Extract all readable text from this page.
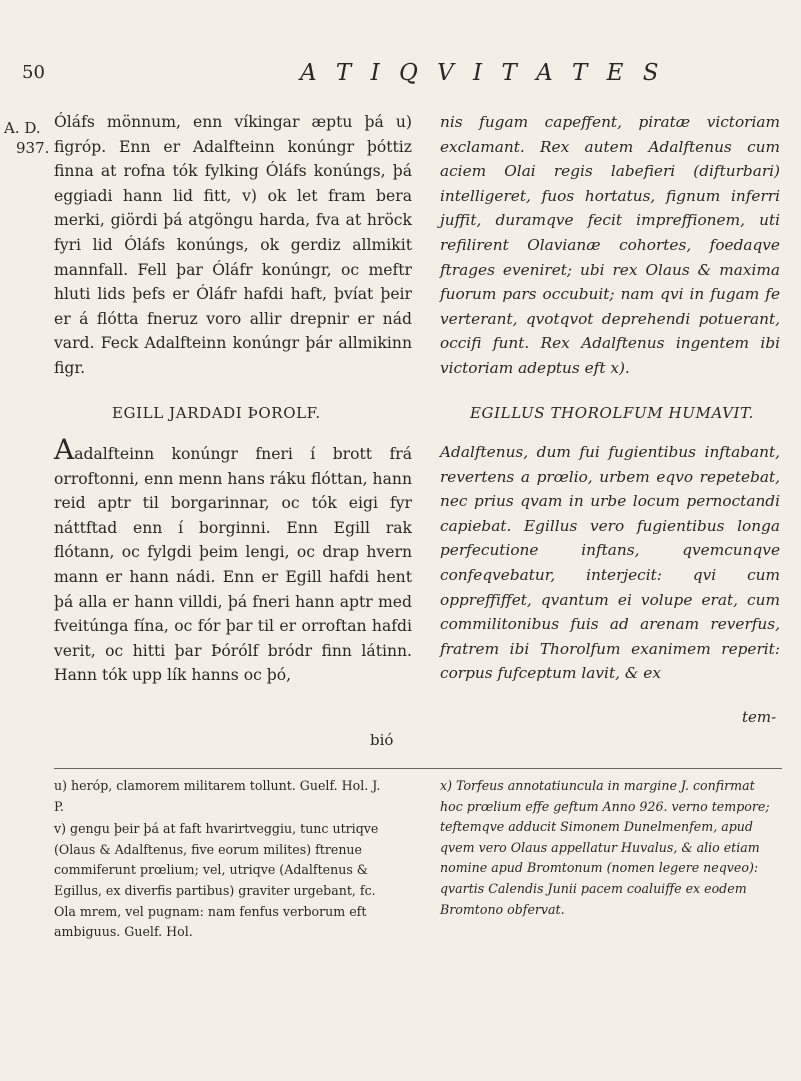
50	A T I Q V I T A T E S
A. D.
937.

Óláfs mönnum, enn víkingar æptu þá u) figróp. Enn er Adalfteinn konúngr þóttiz finna at rofna tók fylking Óláfs konúngs, þá eggiadi hann lid fitt, v) ok let fram bera merki, giördi þá atgöngu harda, fva at hröck fyri lid Óláfs konúngs, ok gerdiz allmikit mannfall. Fell þar Óláfr konúngr, oc meftr hluti lids þefs er Óláfr hafdi haft, þvíat þeir er á flótta fneruz voro allir drepnir er nád vard. Feck Adalfteinn konúngr þár allmikinn figr.

nis fugam capeffent, piratæ victoriam exclamant. Rex autem Adalftenus cum aciem Olai regis labefieri (difturbari) intelligeret, fuos hortatus, fignum inferri juffit, duramqve fecit impreffionem, uti refilirent Olavianæ cohortes, foedaqve ftrages eveniret; ubi rex Olaus & maxima fuorum pars occubuit; nam qvi in fugam fe verterant, qvotqvot deprehendi potuerant, occifi funt. Rex Adalftenus ingentem ibi victoriam adeptus eft x).

EGILL JARDADI ÞOROLF.	EGILLUS THOROLFUM HUMAVIT.

Aadalfteinn konúngr fneri í brott frá orroftonni, enn menn hans ráku flóttan, hann reid aptr til borgarinnar, oc tók eigi fyr náttftad enn í borginni. Enn Egill rak flótann, oc fylgdi þeim lengi, oc drap hvern mann er hann nádi. Enn er Egill hafdi hent þá alla er hann villdi, þá fneri hann aptr med fveitúnga fína, oc fór þar til er orroftan hafdi verit, oc hitti þar Þórólf bródr finn látinn. Hann tók upp lík hanns oc þó,

bió

Adalftenus, dum fui fugientibus inftabant, revertens a prœlio, urbem eqvo repetebat, nec prius qvam in urbe locum pernoctandi capiebat. Egillus vero fugientibus longa perfecutione inftans, qvemcunqve confeqvebatur, interjecit: qvi cum oppreffiffet, qvantum ei volupe erat, cum commilitonibus fuis ad arenam reverfus, fratrem ibi Thorolfum exanimem reperit: corpus fufceptum lavit, & ex

tem-
u) heróp, clamorem militarem tollunt. Guelf. Hol. J. P.
v) gengu þeir þá at faft hvarirtveggiu, tunc utriqve (Olaus & Adalftenus, five eorum milites) ftrenue commiferunt prœlium; vel, utriqve (Adalftenus & Egillus, ex diverfis partibus) graviter urgebant, fc. Ola mrem, vel pugnam: nam fenfus verborum eft ambiguus. Guelf. Hol.
x) Torfeus annotatiuncula in margine J. confirmat hoc prœlium effe geftum Anno 926. verno tempore; teftemqve adducit Simonem Dunelmenfem, apud qvem vero Olaus appellatur Huvalus, & alio etiam nomine apud Bromtonum (nomen legere neqveo): qvartis Calendis Junii pacem coaluiffe ex eodem Bromtono obfervat.
